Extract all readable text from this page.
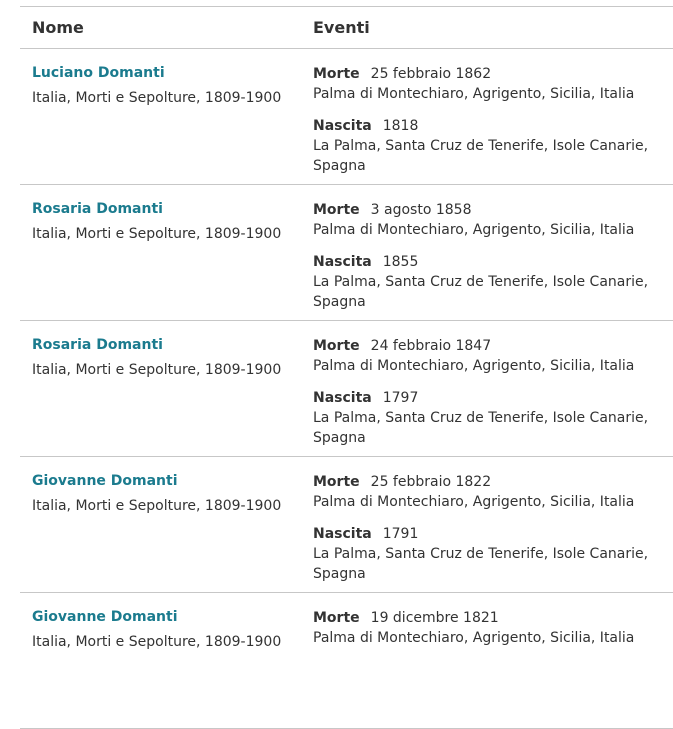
Nome	Eventi
Luciano Domanti
Italia, Morti e Sepolture, 1809-1900
Morte 25 febbraio 1862
Palma di Montechiaro, Agrigento, Sicilia, Italia
Nascita 1818
La Palma, Santa Cruz de Tenerife, Isole Canarie, Spagna
Rosaria Domanti
Italia, Morti e Sepolture, 1809-1900
Morte 3 agosto 1858
Palma di Montechiaro, Agrigento, Sicilia, Italia
Nascita 1855
La Palma, Santa Cruz de Tenerife, Isole Canarie, Spagna
Rosaria Domanti
Italia, Morti e Sepolture, 1809-1900
Morte 24 febbraio 1847
Palma di Montechiaro, Agrigento, Sicilia, Italia
Nascita 1797
La Palma, Santa Cruz de Tenerife, Isole Canarie, Spagna
Giovanne Domanti
Italia, Morti e Sepolture, 1809-1900
Morte 25 febbraio 1822
Palma di Montechiaro, Agrigento, Sicilia, Italia
Nascita 1791
La Palma, Santa Cruz de Tenerife, Isole Canarie, Spagna
Giovanne Domanti
Italia, Morti e Sepolture, 1809-1900
Morte 19 dicembre 1821
Palma di Montechiaro, Agrigento, Sicilia, Italia
